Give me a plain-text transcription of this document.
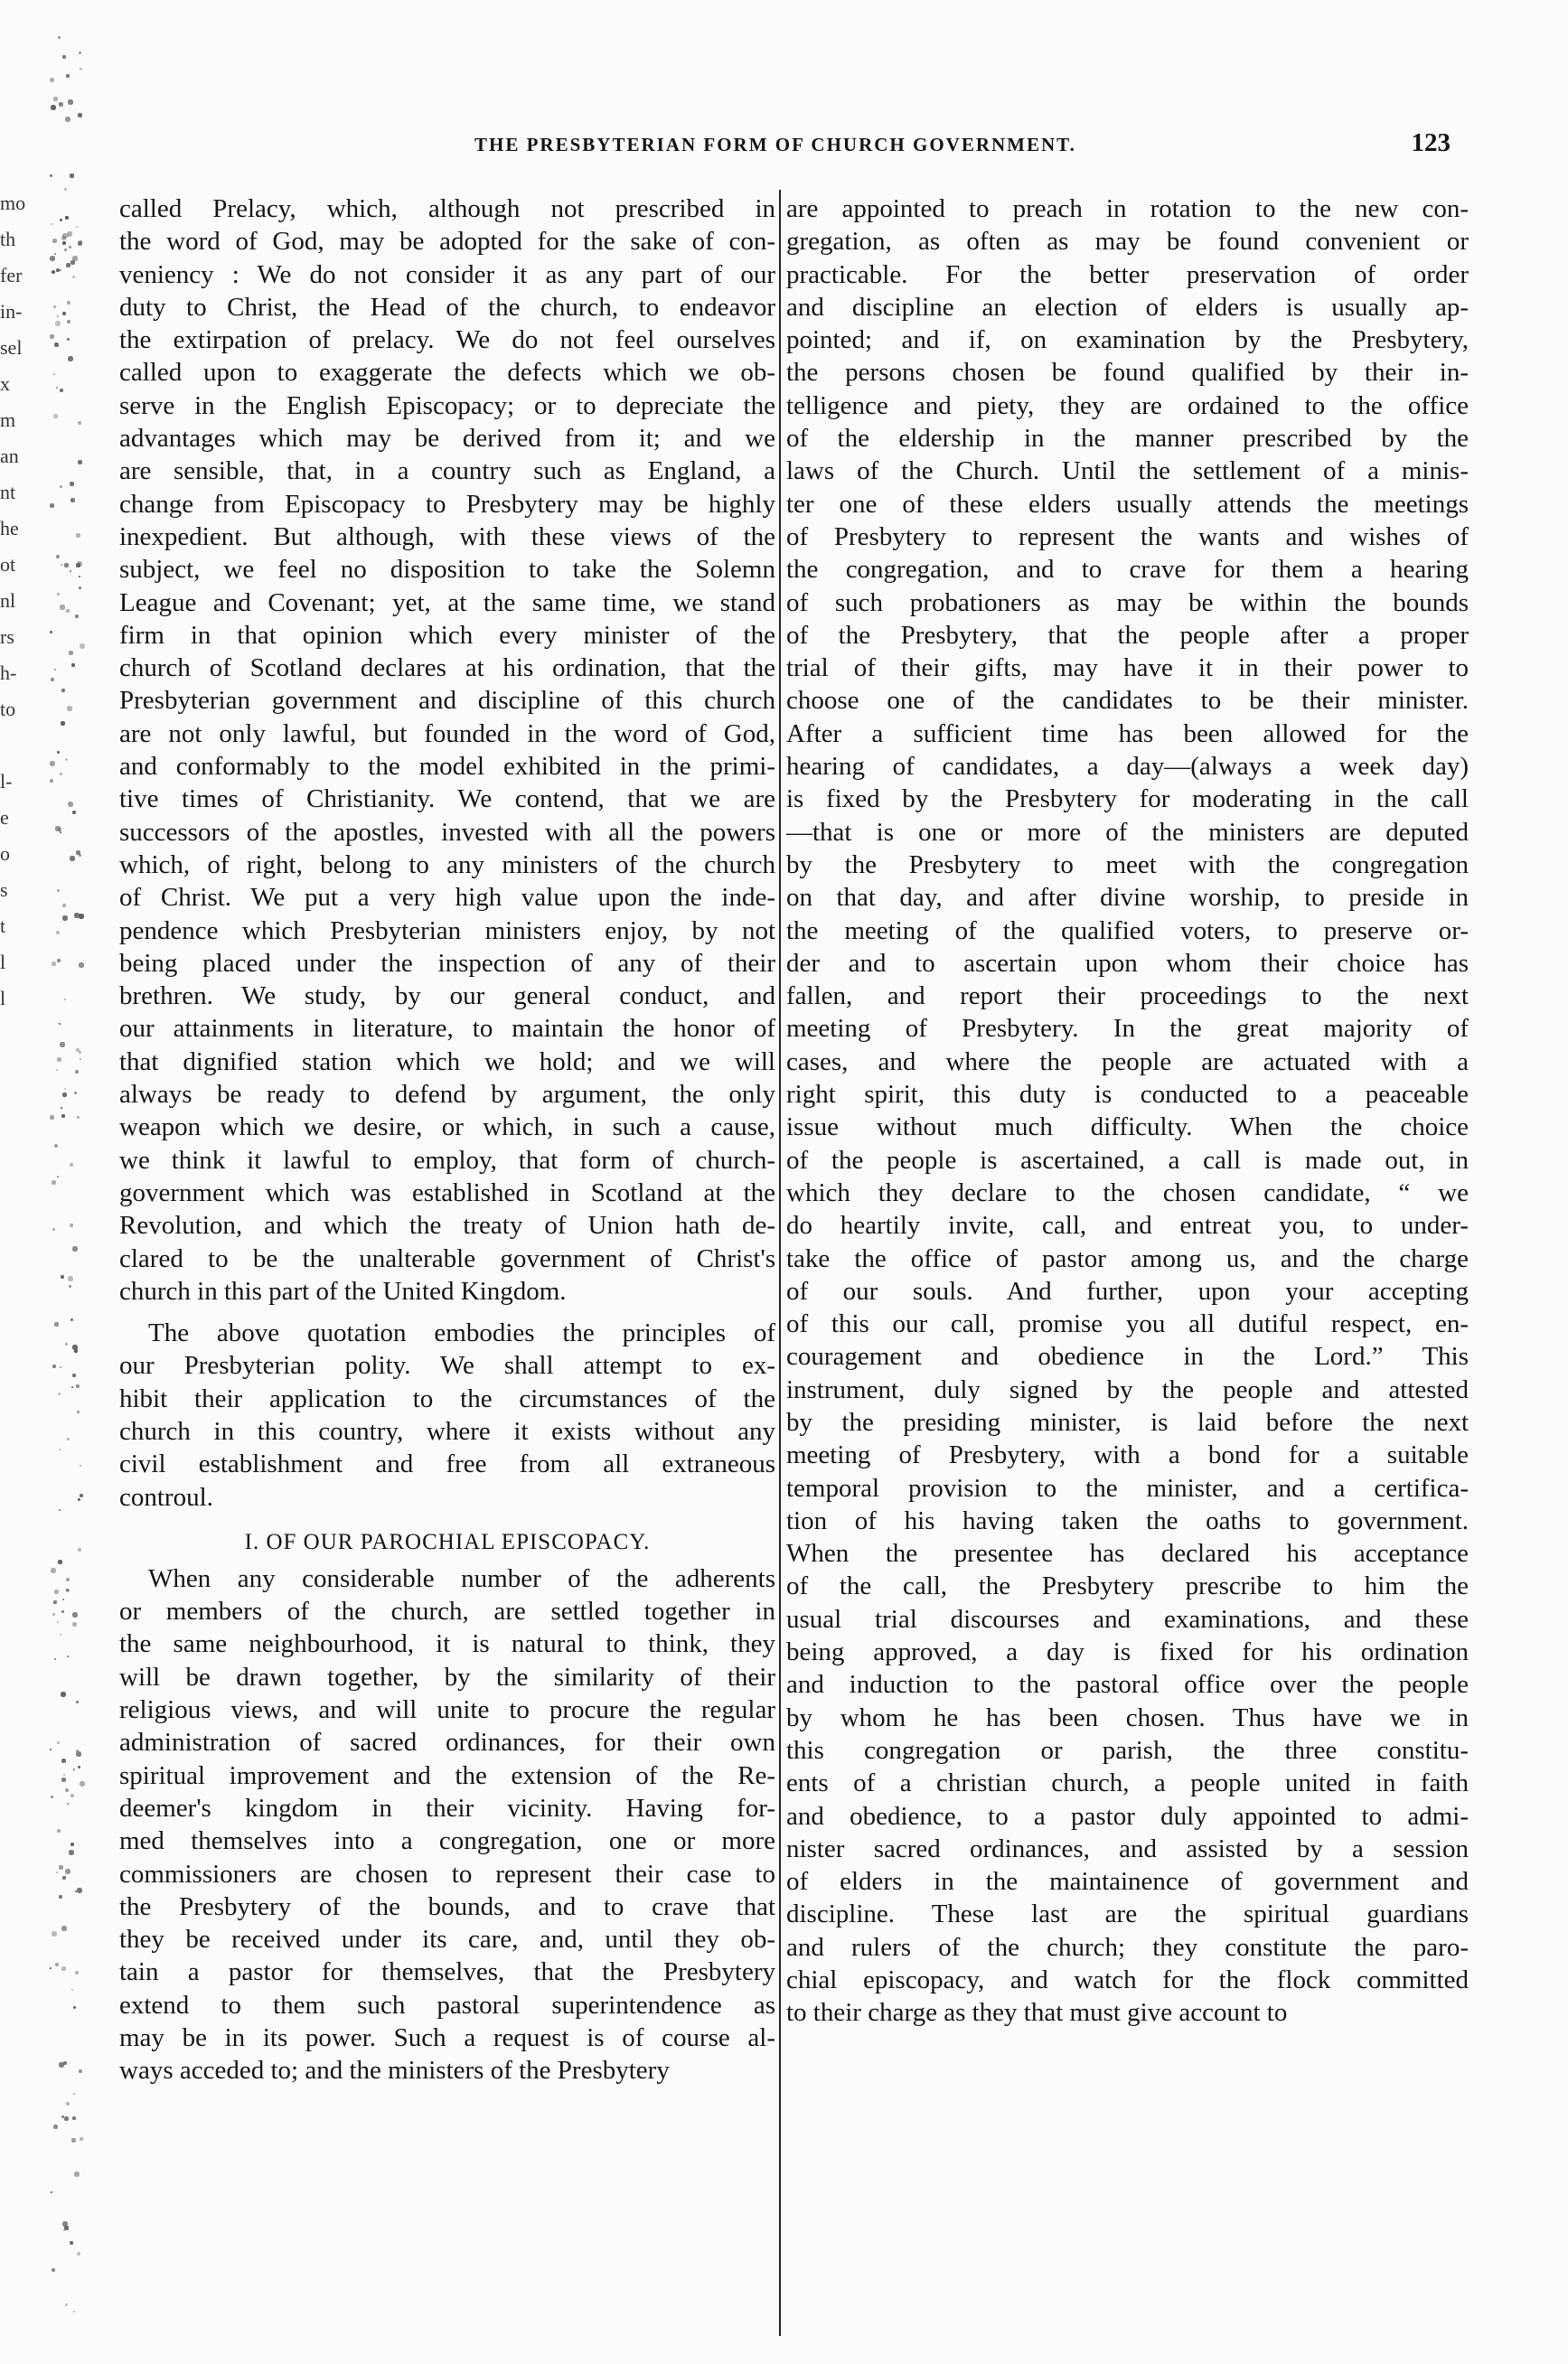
mo
th
fer
in-
sel
x
m
an
nt
he
ot
nl
rs
h-
to
l-
e
o
s
t
l
l
THE PRESBYTERIAN FORM OF CHURCH GOVERNMENT.	123
called Prelacy, which, although not prescribed in
the word of God, may be adopted for the sake of con-
veniency : We do not consider it as any part of our
duty to Christ, the Head of the church, to endeavor
the extirpation of prelacy. We do not feel ourselves
called upon to exaggerate the defects which we ob-
serve in the English Episcopacy; or to depreciate the
advantages which may be derived from it; and we
are sensible, that, in a country such as England, a
change from Episcopacy to Presbytery may be highly
inexpedient. But although, with these views of the
subject, we feel no disposition to take the Solemn
League and Covenant; yet, at the same time, we stand
firm in that opinion which every minister of the
church of Scotland declares at his ordination, that the
Presbyterian government and discipline of this church
are not only lawful, but founded in the word of God,
and conformably to the model exhibited in the primi-
tive times of Christianity. We contend, that we are
successors of the apostles, invested with all the powers
which, of right, belong to any ministers of the church
of Christ. We put a very high value upon the inde-
pendence which Presbyterian ministers enjoy, by not
being placed under the inspection of any of their
brethren. We study, by our general conduct, and
our attainments in literature, to maintain the honor of
that dignified station which we hold; and we will
always be ready to defend by argument, the only
weapon which we desire, or which, in such a cause,
we think it lawful to employ, that form of church-
government which was established in Scotland at the
Revolution, and which the treaty of Union hath de-
clared to be the unalterable government of Christ's
church in this part of the United Kingdom.
The above quotation embodies the principles of
our Presbyterian polity. We shall attempt to ex-
hibit their application to the circumstances of the
church in this country, where it exists without any
civil establishment and free from all extraneous
controul.
I. OF OUR PAROCHIAL EPISCOPACY.
When any considerable number of the adherents
or members of the church, are settled together in
the same neighbourhood, it is natural to think, they
will be drawn together, by the similarity of their
religious views, and will unite to procure the regular
administration of sacred ordinances, for their own
spiritual improvement and the extension of the Re-
deemer's kingdom in their vicinity. Having for-
med themselves into a congregation, one or more
commissioners are chosen to represent their case to
the Presbytery of the bounds, and to crave that
they be received under its care, and, until they ob-
tain a pastor for themselves, that the Presbytery
extend to them such pastoral superintendence as
may be in its power. Such a request is of course al-
ways acceded to; and the ministers of the Presbytery
are appointed to preach in rotation to the new con-
gregation, as often as may be found convenient or
practicable. For the better preservation of order
and discipline an election of elders is usually ap-
pointed; and if, on examination by the Presbytery,
the persons chosen be found qualified by their in-
telligence and piety, they are ordained to the office
of the eldership in the manner prescribed by the
laws of the Church. Until the settlement of a minis-
ter one of these elders usually attends the meetings
of Presbytery to represent the wants and wishes of
the congregation, and to crave for them a hearing
of such probationers as may be within the bounds
of the Presbytery, that the people after a proper
trial of their gifts, may have it in their power to
choose one of the candidates to be their minister.
After a sufficient time has been allowed for the
hearing of candidates, a day—(always a week day)
is fixed by the Presbytery for moderating in the call
—that is one or more of the ministers are deputed
by the Presbytery to meet with the congregation
on that day, and after divine worship, to preside in
the meeting of the qualified voters, to preserve or-
der and to ascertain upon whom their choice has
fallen, and report their proceedings to the next
meeting of Presbytery. In the great majority of
cases, and where the people are actuated with a
right spirit, this duty is conducted to a peaceable
issue without much difficulty. When the choice
of the people is ascertained, a call is made out, in
which they declare to the chosen candidate, “ we
do heartily invite, call, and entreat you, to under-
take the office of pastor among us, and the charge
of our souls. And further, upon your accepting
of this our call, promise you all dutiful respect, en-
couragement and obedience in the Lord.” This
instrument, duly signed by the people and attested
by the presiding minister, is laid before the next
meeting of Presbytery, with a bond for a suitable
temporal provision to the minister, and a certifica-
tion of his having taken the oaths to government.
When the presentee has declared his acceptance
of the call, the Presbytery prescribe to him the
usual trial discourses and examinations, and these
being approved, a day is fixed for his ordination
and induction to the pastoral office over the people
by whom he has been chosen. Thus have we in
this congregation or parish, the three constitu-
ents of a christian church, a people united in faith
and obedience, to a pastor duly appointed to admi-
nister sacred ordinances, and assisted by a session
of elders in the maintainence of government and
discipline. These last are the spiritual guardians
and rulers of the church; they constitute the paro-
chial episcopacy, and watch for the flock committed
to their charge as they that must give account to
